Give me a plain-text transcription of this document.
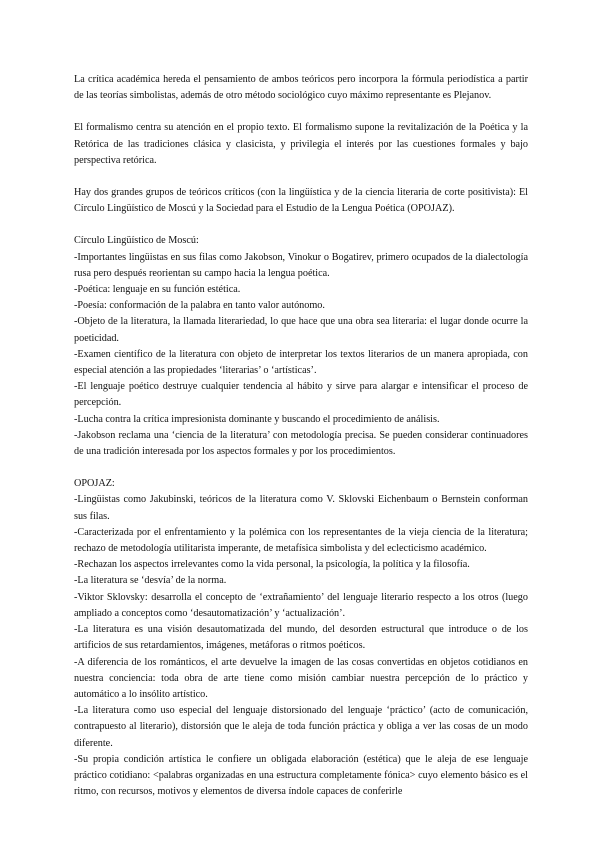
La crítica académica hereda el pensamiento de ambos teóricos pero incorpora la fórmula periodística a partir de las teorías simbolistas, además de otro método sociológico cuyo máximo representante es Plejanov.

El formalismo centra su atención en el propio texto. El formalismo supone la revitalización de la Poética y la Retórica de las tradiciones clásica y clasicista, y privilegia el interés por las cuestiones formales y bajo perspectiva retórica.

Hay dos grandes grupos de teóricos críticos (con la lingüística y de la ciencia literaria de corte positivista): El Círculo Lingüístico de Moscú y la Sociedad para el Estudio de la Lengua Poética (OPOJAZ).

Círculo Lingüístico de Moscú:

-Importantes lingüistas en sus filas como Jakobson, Vinokur o Bogatirev, primero ocupados de la dialectología rusa pero después reorientan su campo hacia la lengua poética.

-Poética: lenguaje en su función estética.

-Poesía: conformación de la palabra en tanto valor autónomo.

-Objeto de la literatura, la llamada literariedad, lo que hace que una obra sea literaria: el lugar donde ocurre la poeticidad.

-Examen científico de la literatura con objeto de interpretar los textos literarios de un manera apropiada, con especial atención a las propiedades ‘literarias’ o ‘artísticas’.

-El lenguaje poético destruye cualquier tendencia al hábito y sirve para alargar e intensificar el proceso de percepción.

-Lucha contra la crítica impresionista dominante y buscando el procedimiento de análisis.

-Jakobson reclama una ‘ciencia de la literatura’ con metodología precisa. Se pueden considerar continuadores de una tradición interesada por los aspectos formales y por los procedimientos.

OPOJAZ:

-Lingüistas como Jakubinski, teóricos de la literatura como V. Sklovski Eichenbaum o Bernstein conforman sus filas.

-Caracterizada por el enfrentamiento y la polémica con los representantes de la vieja ciencia de la literatura; rechazo de metodología utilitarista imperante, de metafísica simbolista y del eclecticismo académico.

-Rechazan los aspectos irrelevantes como la vida personal, la psicología, la política y la filosofía.

-La literatura se ‘desvía’ de la norma.

-Viktor Sklovsky: desarrolla el concepto de ‘extrañamiento’ del lenguaje literario respecto a los otros (luego ampliado a conceptos como ‘desautomatización’ y ‘actualización’.

-La literatura es una visión desautomatizada del mundo, del desorden estructural que introduce o de los artificios de sus retardamientos, imágenes, metáforas o ritmos poéticos.

-A diferencia de los románticos, el arte devuelve la imagen de las cosas convertidas en objetos cotidianos en nuestra conciencia: toda obra de arte tiene como misión cambiar nuestra percepción de lo práctico y automático a lo insólito artístico.

-La literatura como uso especial del lenguaje distorsionado del lenguaje ‘práctico’ (acto de comunicación, contrapuesto al literario), distorsión que le aleja de toda función práctica y obliga a ver las cosas de un modo diferente.

-Su propia condición artística le confiere un obligada elaboración (estética) que le aleja de ese lenguaje práctico cotidiano: <palabras organizadas en una estructura completamente fónica> cuyo elemento básico es el ritmo, con recursos, motivos y elementos de diversa índole capaces de conferirle
